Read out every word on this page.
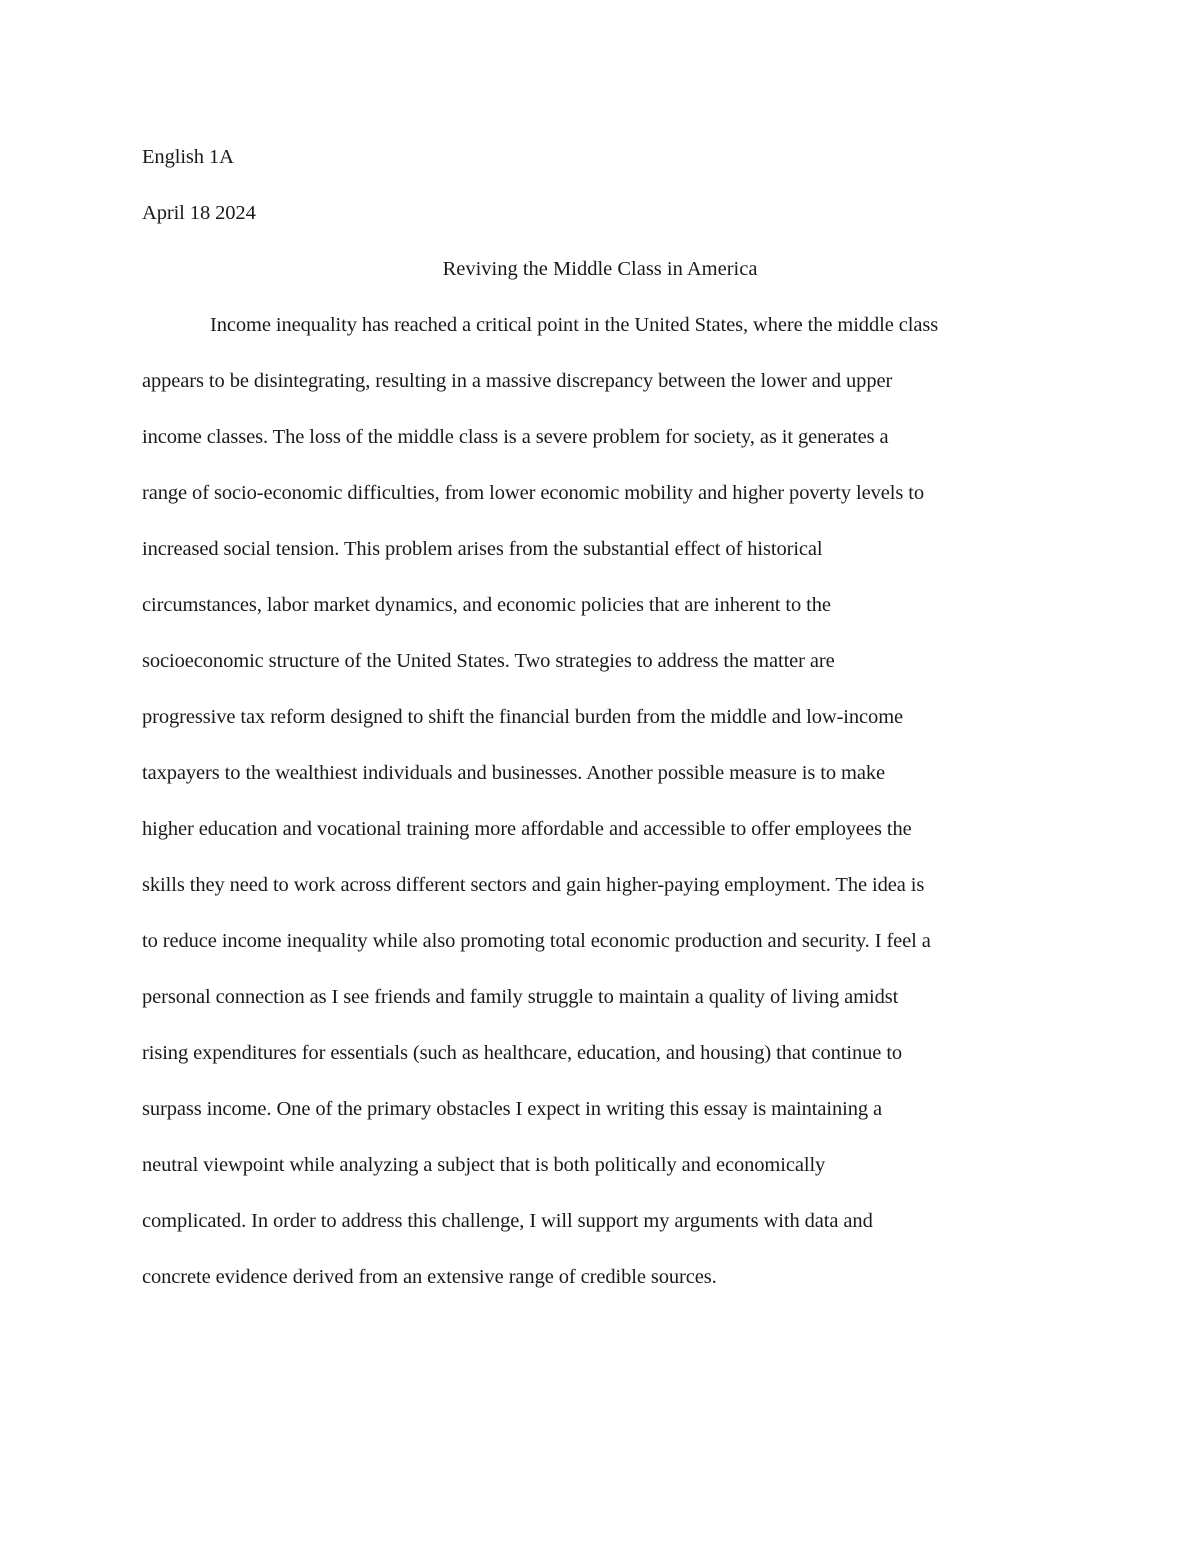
English 1A
April 18 2024
Reviving the Middle Class in America
Income inequality has reached a critical point in the United States, where the middle class
appears to be disintegrating, resulting in a massive discrepancy between the lower and upper
income classes. The loss of the middle class is a severe problem for society, as it generates a
range of socio-economic difficulties, from lower economic mobility and higher poverty levels to
increased social tension. This problem arises from the substantial effect of historical
circumstances, labor market dynamics, and economic policies that are inherent to the
socioeconomic structure of the United States. Two strategies to address the matter are
progressive tax reform designed to shift the financial burden from the middle and low-income
taxpayers to the wealthiest individuals and businesses. Another possible measure is to make
higher education and vocational training more affordable and accessible to offer employees the
skills they need to work across different sectors and gain higher-paying employment. The idea is
to reduce income inequality while also promoting total economic production and security. I feel a
personal connection as I see friends and family struggle to maintain a quality of living amidst
rising expenditures for essentials (such as healthcare, education, and housing) that continue to
surpass income. One of the primary obstacles I expect in writing this essay is maintaining a
neutral viewpoint while analyzing a subject that is both politically and economically
complicated. In order to address this challenge, I will support my arguments with data and
concrete evidence derived from an extensive range of credible sources.
